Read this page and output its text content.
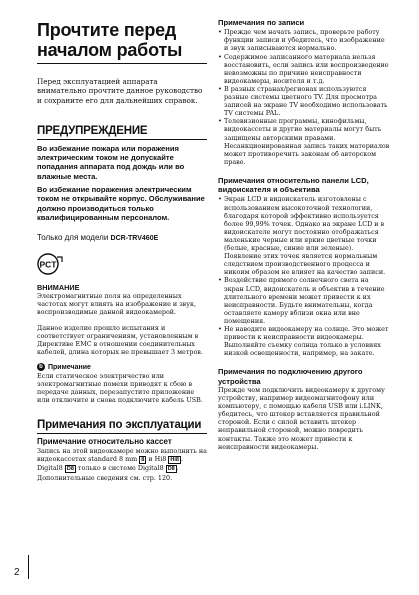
Прочтите перед
началом работы

Перед эксплуатацией аппарата внимательно прочтите данное руководство и сохраните его для дальнейших справок.

ПРЕДУПРЕЖДЕНИЕ

Во избежание пожара или поражения электрическим током не допускайте попадания аппарата под дождь или во влажные места.

Во избежание поражения электрическим током не открывайте корпус. Обслуживание должно производиться только квалифицированным персоналом.

Только для модели DCR-TRV460E

PCT

ВНИМАНИЕ

Электромагнитные поля на определенных частотах могут влиять на изображение и звук, воспроизводимые данной видеокамерой.

Данное изделие прошло испытания и соответствует ограничениям, установленным в Директиве EMC в отношении соединительных кабелей, длина которых не превышает 3 метров.

b Примечание

Если статическое электричество или электромагнитные помехи приводят к сбою в передаче данных, перезапустите приложение или отключите и снова подключите кабель USB.

Примечания по эксплуатации

Примечание относительно кассет

Запись на этой видеокамере можно выполнить на видеокассетах standard 8 mm 8 и Hi8 Hi8 . Digital8 D8 только в системе Digital8 D8 . Дополнительные сведения см. стр. 120.

Примечания по записи

• Прежде чем начать запись, проверьте работу функции записи и убедитесь, что изображение и звук записываются нормально.
• Содержимое записанного материала нельзя восстановить, если запись или воспроизведение невозможны по причине неисправности видеокамеры, носителя и т.д.
• В разных странах/регионах используются разные системы цветного TV. Для просмотра записей на экране TV необходимо использовать TV системы PAL.
• Телевизионные программы, кинофильмы, видеокассеты и другие материалы могут быть защищены авторскими правами. Несанкционированная запись таких материалов может противоречить законам об авторском праве.

Примечания относительно панели LCD, видоискателя и объектива

• Экран LCD и видоискатель изготовлены с использованием высокоточной технологии, благодаря которой эффективно используется более 99,99% точек. Однако на экране LCD и в видоискателе могут постоянно отображаться маленькие черные или яркие цветные точки (белые, красные, синие или зеленые). Появление этих точек является нормальным следствием производственного процесса и никоим образом не влияет на качество записи.
• Воздействие прямого солнечного света на экран LCD, видоискатель и объектив в течение длительного времени может привести к их неисправности. Будьте внимательны, когда оставляете камеру вблизи окна или вне помещения.
• Не наводите видеокамеру на солнце. Это может привести к неисправности видеокамеры. Выполняйте съемку солнца только в условиях низкой освещенности, например, на закате.

Примечания по подключению другого устройства

Прежде чем подключить видеокамеру к другому устройству, например видеомагнитофону или компьютеру, с помощью кабеля USB или i.LINK, убедитесь, что штекер вставляется правильной стороной. Если с силой вставить штекер неправильной стороной, можно повредить контакты. Также это может привести к неисправности видеокамеры.

2
